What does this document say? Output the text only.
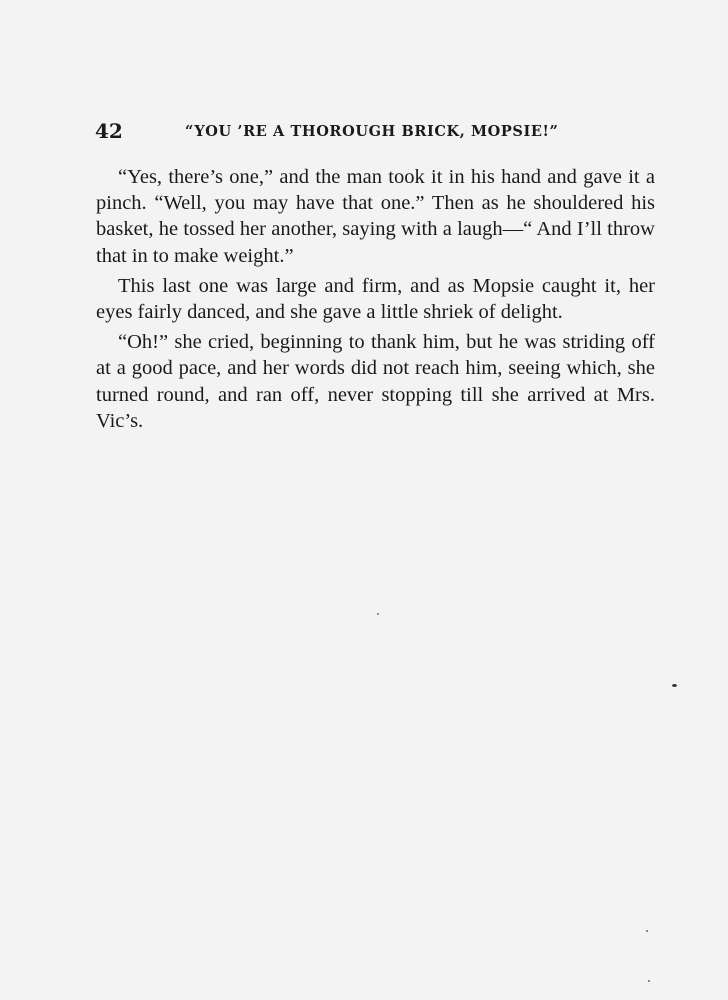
42	“YOU ’RE A THOROUGH BRICK, MOPSIE!”

“Yes, there’s one,” and the man took it in his hand and gave it a pinch. “Well, you may have that one.” Then as he shouldered his basket, he tossed her another, saying with a laugh—“ And I’ll throw that in to make weight.”

This last one was large and firm, and as Mopsie caught it, her eyes fairly danced, and she gave a little shriek of delight.

“Oh!” she cried, beginning to thank him, but he was striding off at a good pace, and her words did not reach him, seeing which, she turned round, and ran off, never stopping till she arrived at Mrs. Vic’s.
